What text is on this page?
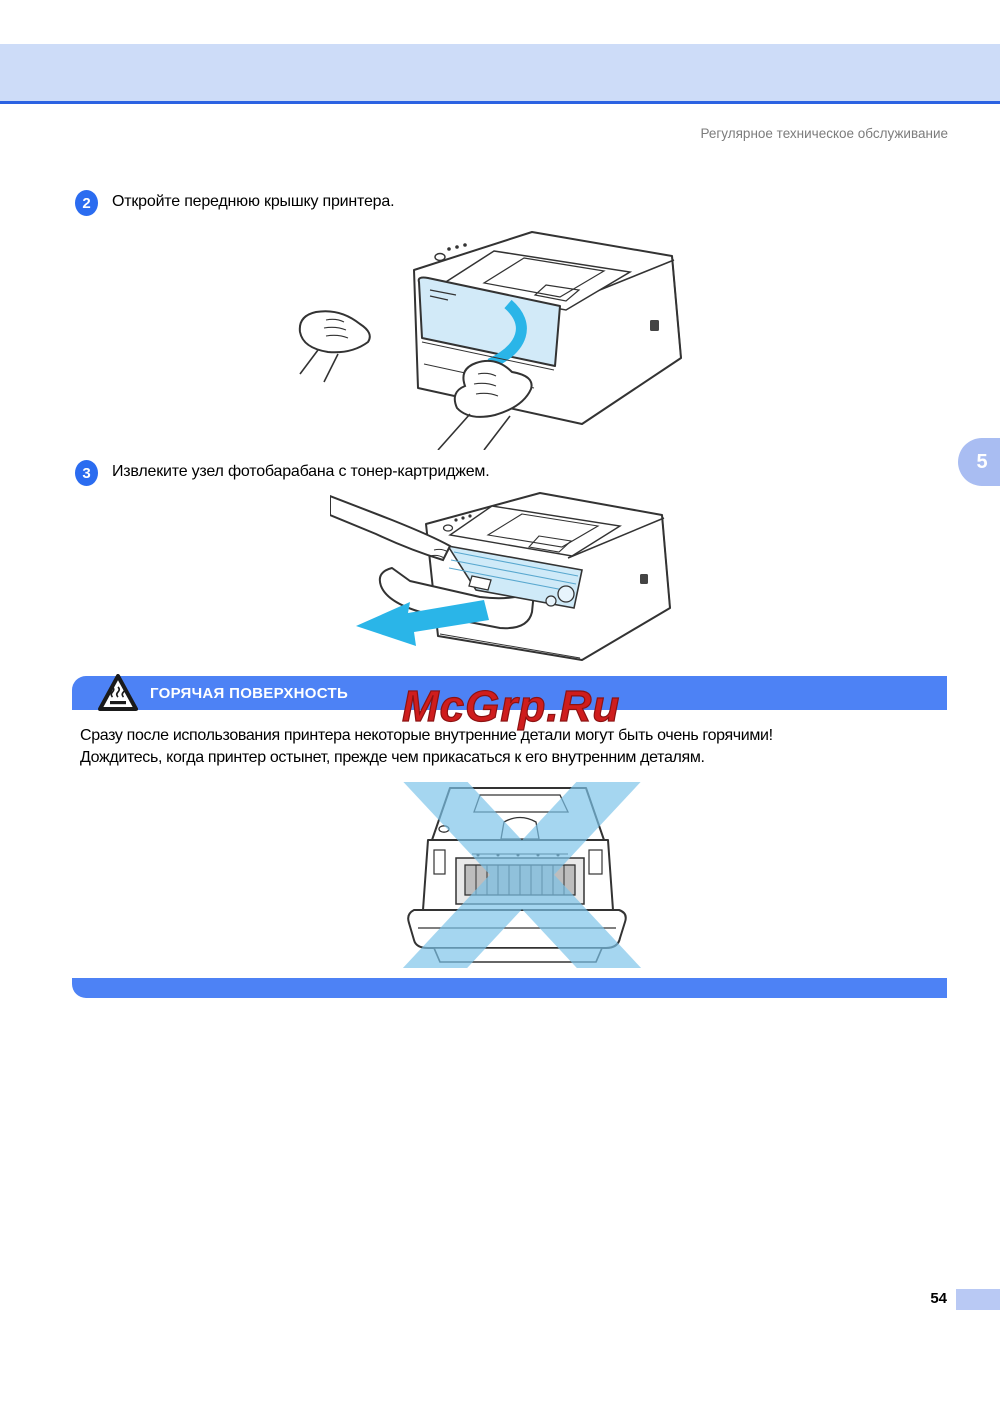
Регулярное техническое обслуживание
2	Откройте переднюю крышку принтера.
3	Извлеките узел фотобарабана с тонер-картриджем.	5
ГОРЯЧАЯ ПОВЕРХНОСТЬ McGrp.Ru
Сразу после использования принтера некоторые внутренние детали могут быть очень горячими!
Дождитесь, когда принтер остынет, прежде чем прикасаться к его внутренним деталям.
54
